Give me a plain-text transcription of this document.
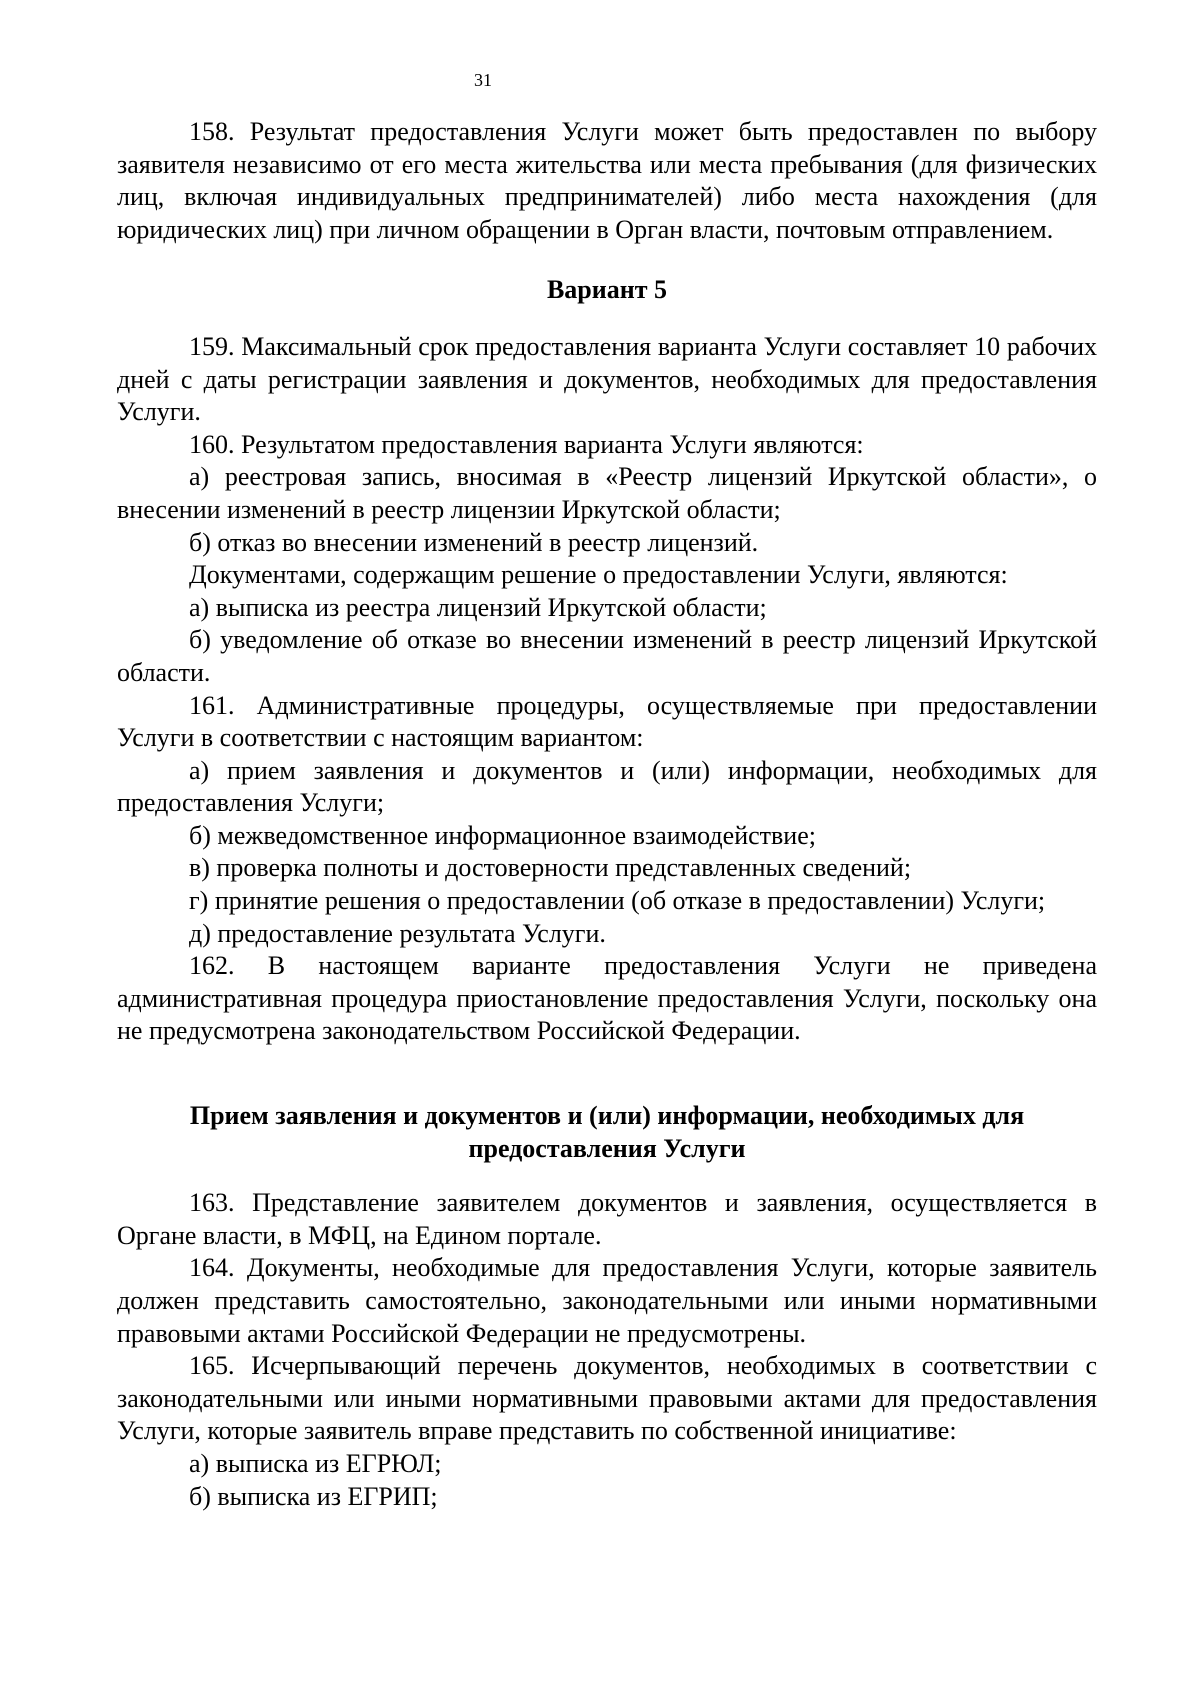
31

158. Результат предоставления Услуги может быть предоставлен по выбору заявителя независимо от его места жительства или места пребывания (для физических лиц, включая индивидуальных предпринимателей) либо места нахождения (для юридических лиц) при личном обращении в Орган власти, почтовым отправлением.

Вариант 5

159. Максимальный срок предоставления варианта Услуги составляет 10 рабочих дней с даты регистрации заявления и документов, необходимых для предоставления Услуги.

160. Результатом предоставления варианта Услуги являются:

а) реестровая запись, вносимая в «Реестр лицензий Иркутской области», о внесении изменений в реестр лицензии Иркутской области;

б) отказ во внесении изменений в реестр лицензий.

Документами, содержащим решение о предоставлении Услуги, являются:

а) выписка из реестра лицензий Иркутской области;

б) уведомление об отказе во внесении изменений в реестр лицензий Иркутской области.

161. Административные процедуры, осуществляемые при предоставлении Услуги в соответствии с настоящим вариантом:

а) прием заявления и документов и (или) информации, необходимых для предоставления Услуги;

б) межведомственное информационное взаимодействие;

в) проверка полноты и достоверности представленных сведений;

г) принятие решения о предоставлении (об отказе в предоставлении) Услуги;

д) предоставление результата Услуги.

162. В настоящем варианте предоставления Услуги не приведена административная процедура приостановление предоставления Услуги, поскольку она не предусмотрена законодательством Российской Федерации.

Прием заявления и документов и (или) информации, необходимых для

предоставления Услуги

163. Представление заявителем документов и заявления, осуществляется в Органе власти, в МФЦ, на Едином портале.

164. Документы, необходимые для предоставления Услуги, которые заявитель должен представить самостоятельно, законодательными или иными нормативными правовыми актами Российской Федерации не предусмотрены.

165. Исчерпывающий перечень документов, необходимых в соответствии с законодательными или иными нормативными правовыми актами для предоставления Услуги, которые заявитель вправе представить по собственной инициативе:

а) выписка из ЕГРЮЛ;

б) выписка из ЕГРИП;
